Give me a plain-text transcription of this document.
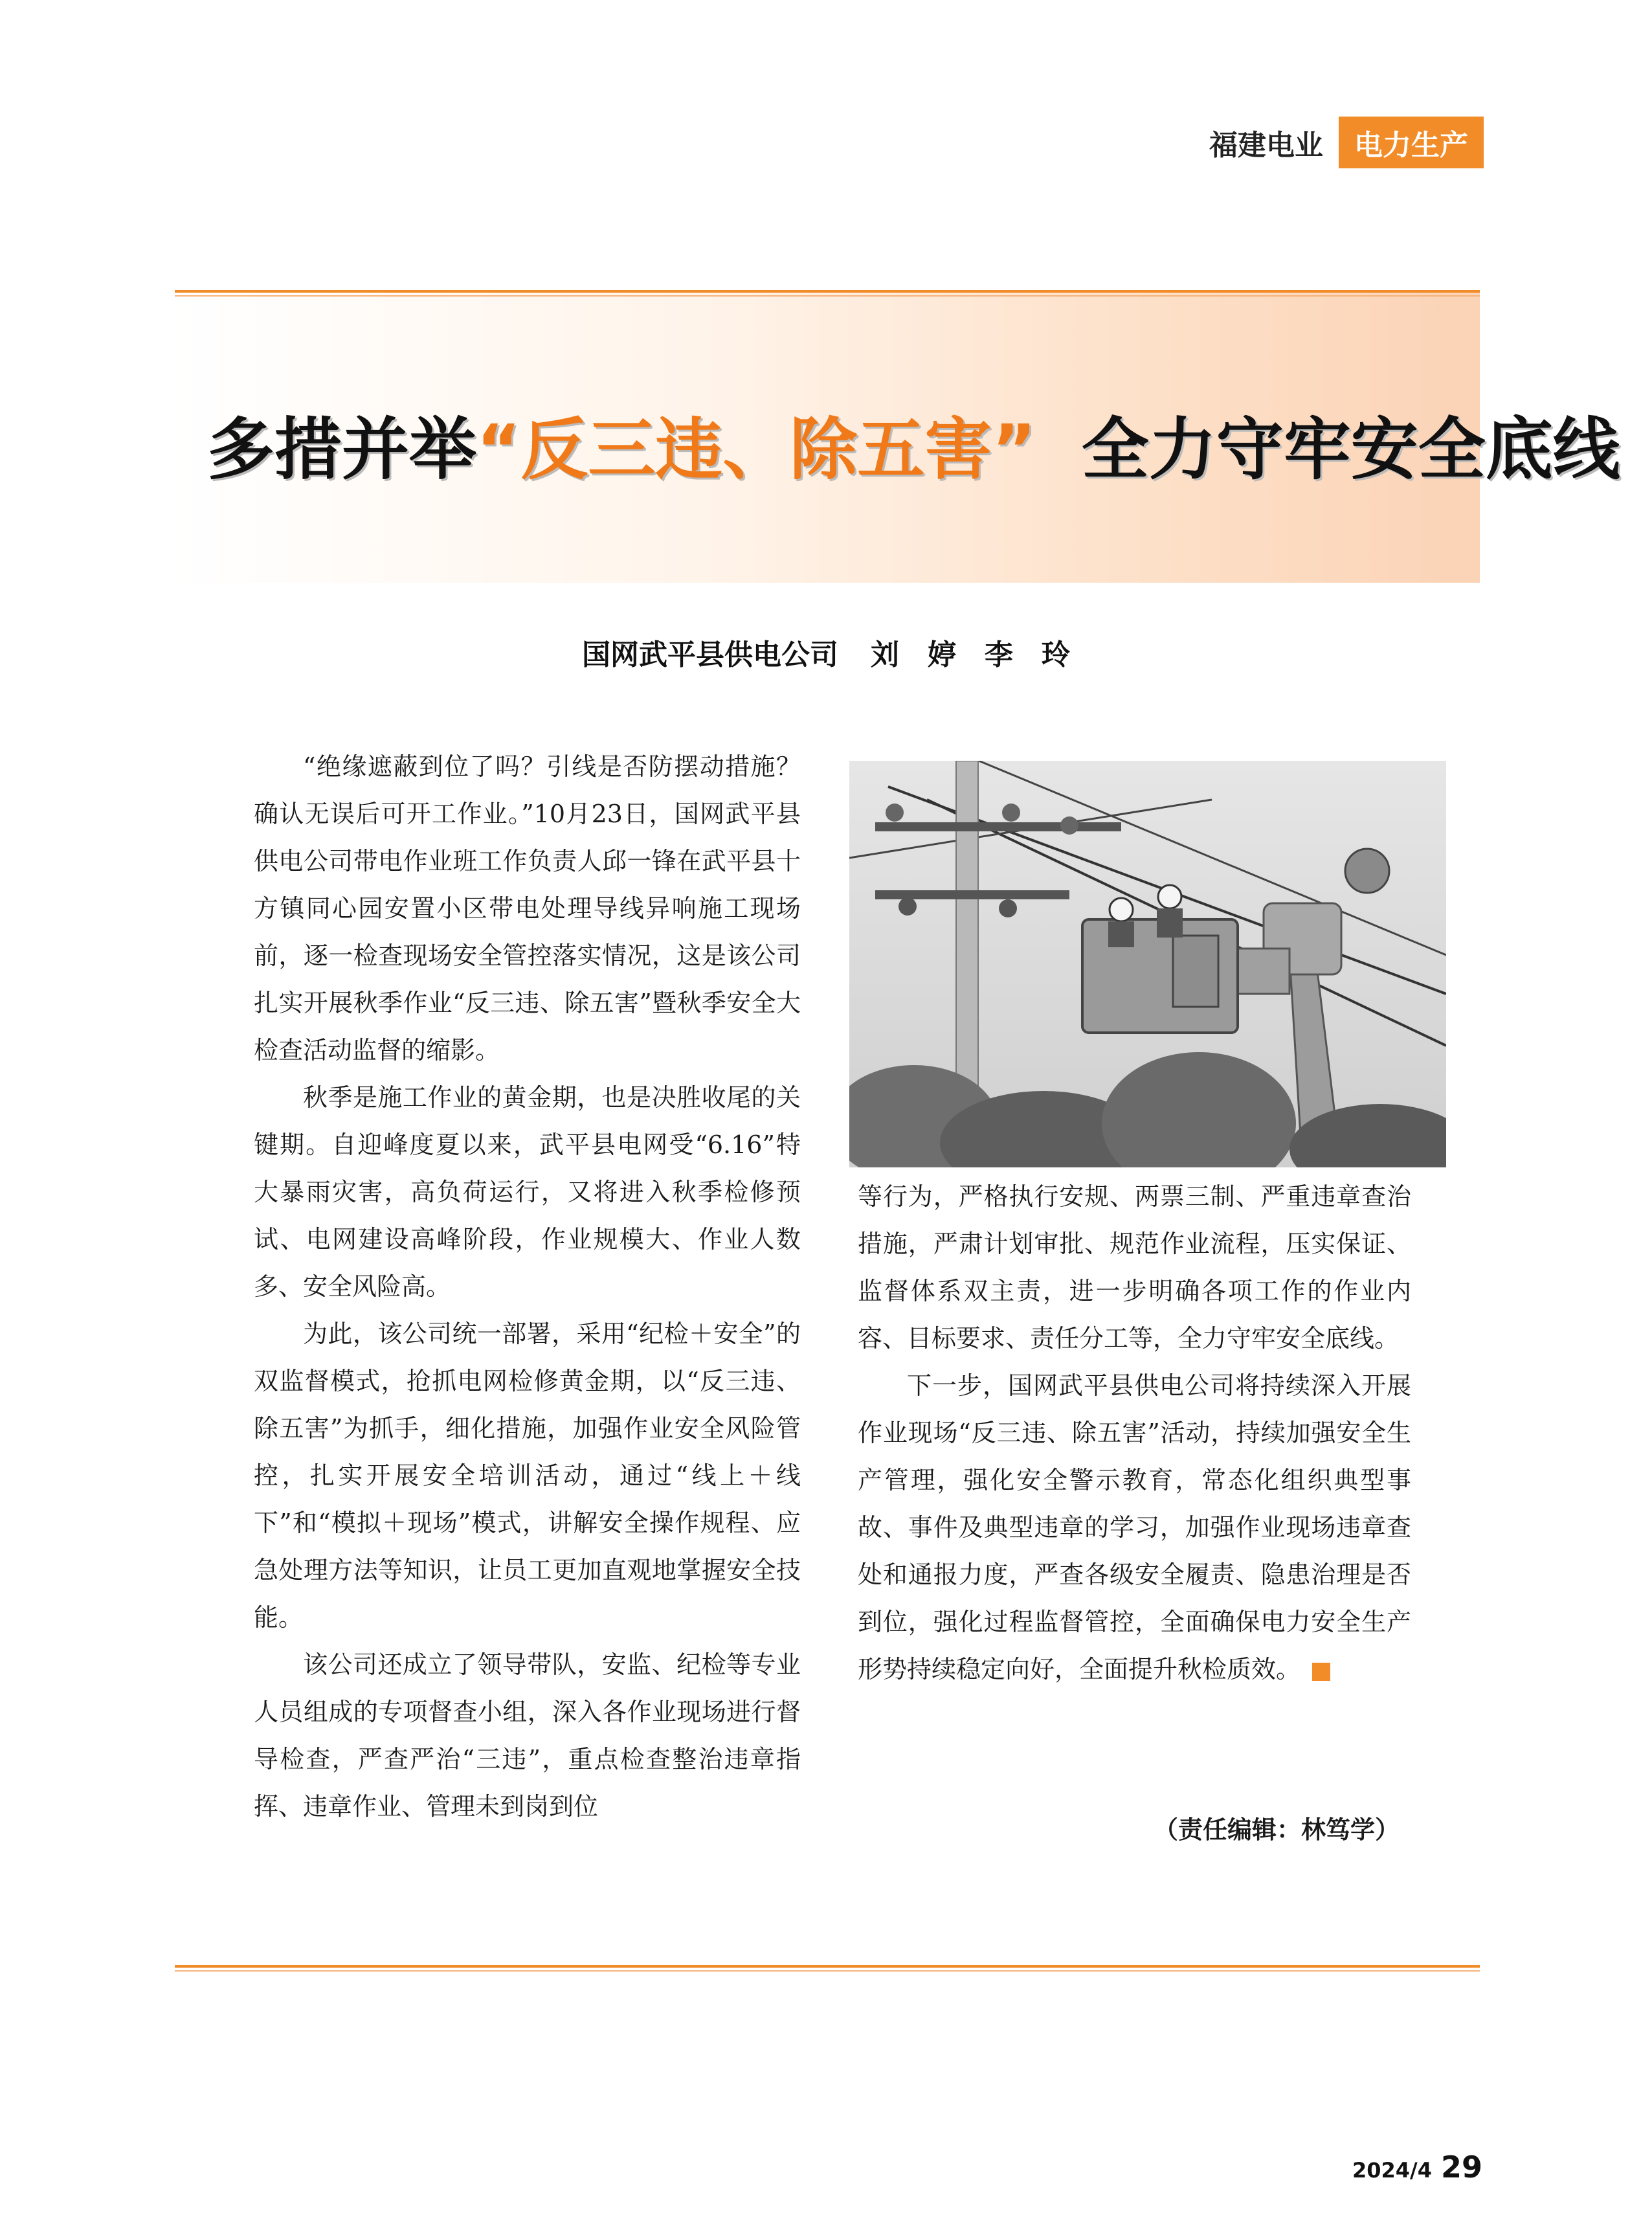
福建电业	电力生产
多措并举“反三违、除五害” 全力守牢安全底线
国网武平县供电公司 刘　婷　李　玲

“绝缘遮蔽到位了吗？引线是否防摆动措施？确认无误后可开工作业。”10月23日，国网武平县供电公司带电作业班工作负责人邱一锋在武平县十方镇同心园安置小区带电处理导线异响施工现场前，逐一检查现场安全管控落实情况，这是该公司扎实开展秋季作业“反三违、除五害”暨秋季安全大检查活动监督的缩影。

秋季是施工作业的黄金期，也是决胜收尾的关键期。自迎峰度夏以来，武平县电网受“6.16”特大暴雨灾害，高负荷运行，又将进入秋季检修预试、电网建设高峰阶段，作业规模大、作业人数多、安全风险高。

为此，该公司统一部署，采用“纪检＋安全”的双监督模式，抢抓电网检修黄金期，以“反三违、除五害”为抓手，细化措施，加强作业安全风险管控，扎实开展安全培训活动，通过“线上＋线下”和“模拟＋现场”模式，讲解安全操作规程、应急处理方法等知识，让员工更加直观地掌握安全技能。

该公司还成立了领导带队，安监、纪检等专业人员组成的专项督查小组，深入各作业现场进行督导检查，严查严治“三违”，重点检查整治违章指挥、违章作业、管理未到岗到位

等行为，严格执行安规、两票三制、严重违章查治措施，严肃计划审批、规范作业流程，压实保证、监督体系双主责，进一步明确各项工作的作业内容、目标要求、责任分工等，全力守牢安全底线。

下一步，国网武平县供电公司将持续深入开展作业现场“反三违、除五害”活动，持续加强安全生产管理，强化安全警示教育，常态化组织典型事故、事件及典型违章的学习，加强作业现场违章查处和通报力度，严查各级安全履责、隐患治理是否到位，强化过程监督管控，全面确保电力安全生产形势持续稳定向好，全面提升秋检质效。

（责任编辑：林笃学）
2024/4 29
